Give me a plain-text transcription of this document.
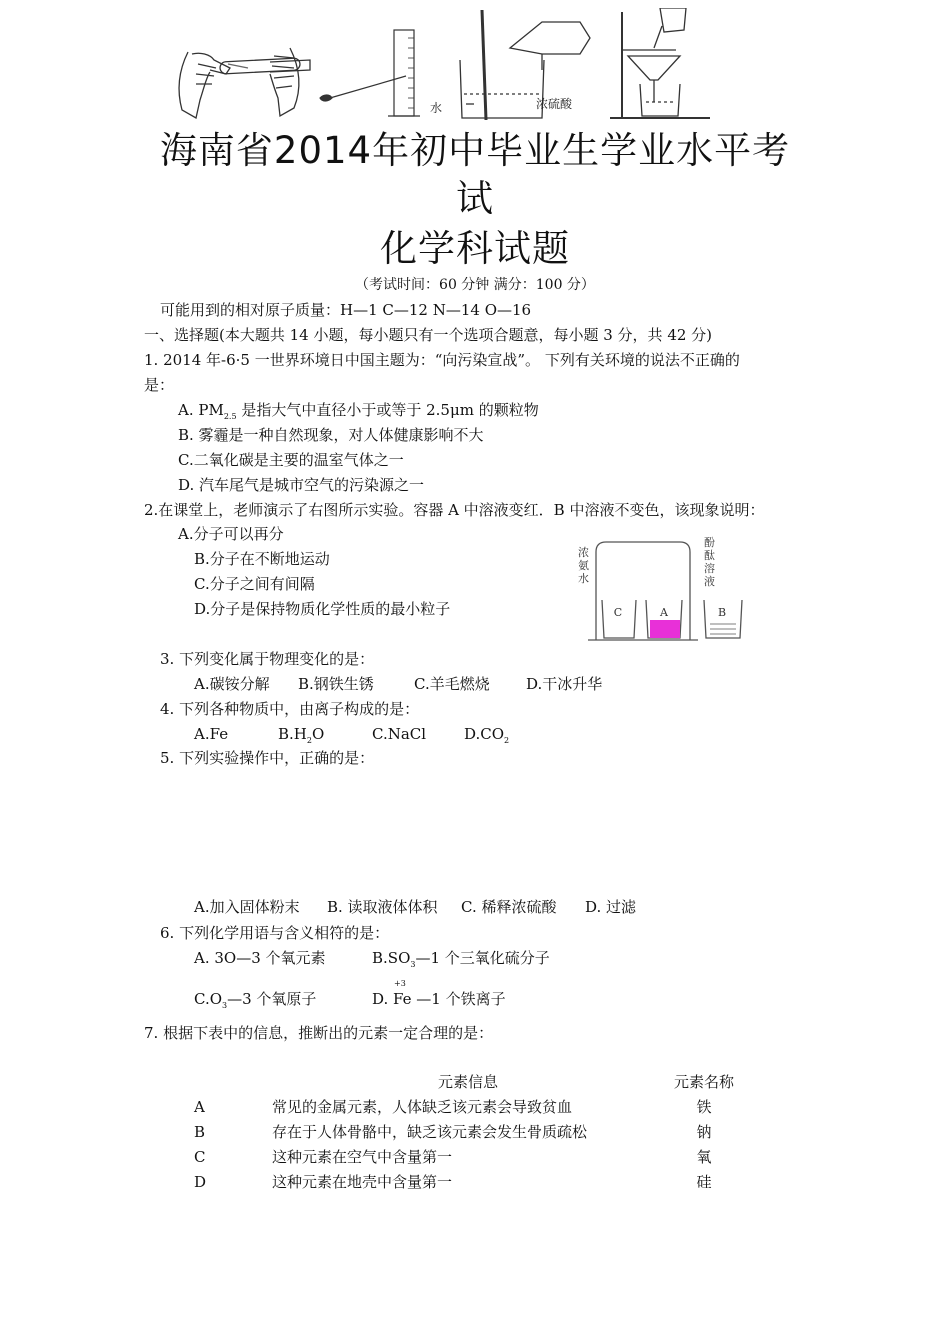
水	浓硫酸
海南省2014年初中毕业生学业水平考
试
化学科试题
（考试时间：60 分钟 满分：100 分）
可能用到的相对原子质量：H—1 C—12 N—14 O—16
一、选择题(本大题共 14 小题，每小题只有一个选项合题意，每小题 3 分，共 42 分)
1. 2014 年-6·5 一世界环境日中国主题为：“向污染宣战”。 下列有关环境的说法不正确的
是：
A. $PM_{2.5}$ 是指大气中直径小于或等于 2.5μm 的颗粒物
B. 雾霾是一种自然现象，对人体健康影响不大
C.二氧化碳是主要的温室气体之一
D. 汽车尾气是城市空气的污染源之一
2.在课堂上，老师演示了右图所示实验。容器 A 中溶液变红．B 中溶液不变色，该现象说明：
A.分子可以再分
B.分子在不断地运动
C.分子之间有间隔
D.分子是保持物质化学性质的最小粒子	C	A	B
浓
氨
水
酚
酞
溶
液
3. 下列变化属于物理变化的是：
A.碳铵分解 B.钢铁生锈	C.羊毛燃烧 D.干冰升华
4. 下列各种物质中，由离子构成的是：
A.Fe	$B.H_2O$	C.NaCl	$D.CO_2$
5. 下列实验操作中，正确的是：
A.加入固体粉末 B. 读取液体体积 C. 稀释浓硫酸 D. 过滤
6. 下列化学用语与含义相符的是：
A. 3O—3 个氧元素	$B.SO_3—1$ 个三氧化硫分子
$C.O_3—3$ 个氧原子
+3
D. Fe —1 个铁离子
7. 根据下表中的信息，推断出的元素一定合理的是：
	元素信息	元素名称
A	常见的金属元素，人体缺乏该元素会导致贫血	铁
B	存在于人体骨骼中，缺乏该元素会发生骨质疏松	钠
C	这种元素在空气中含量第一	氧
D	这种元素在地壳中含量第一	硅
